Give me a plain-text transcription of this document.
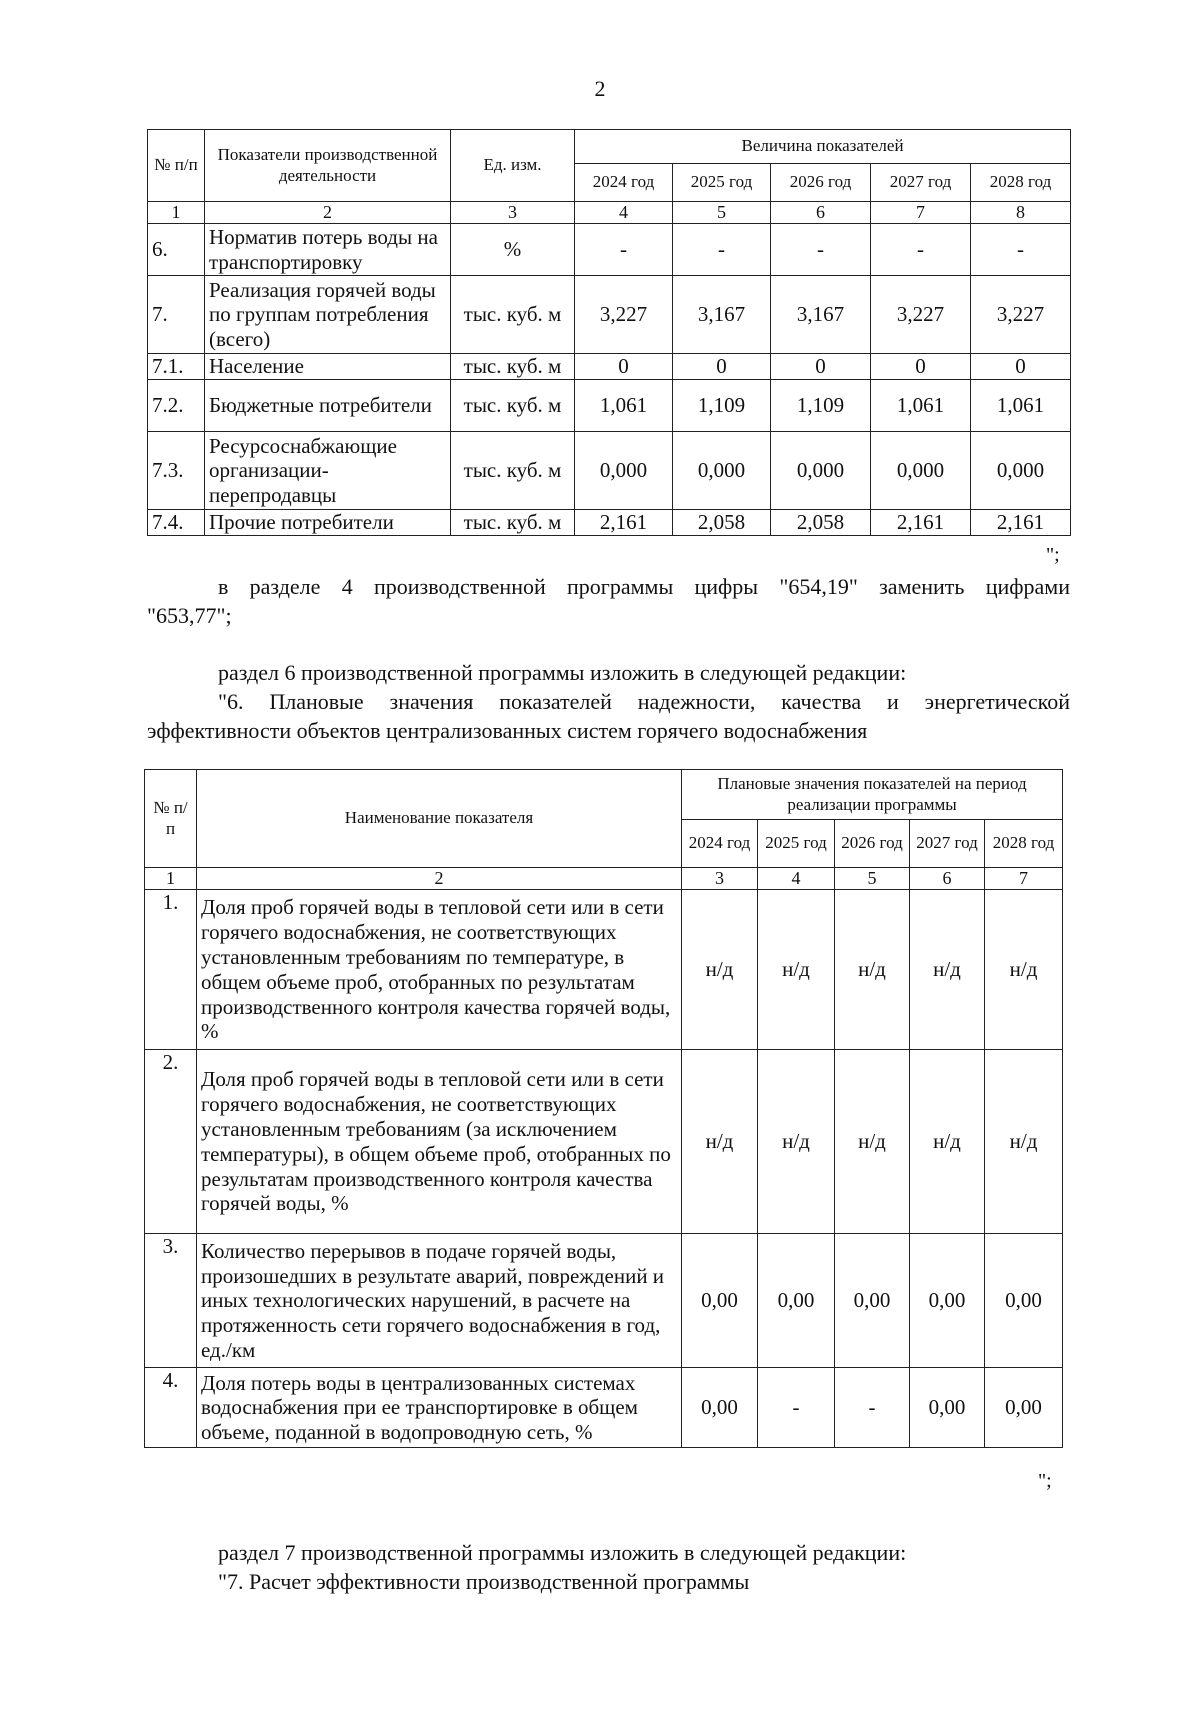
2
№ п/п	Показатели производственной деятельности	Ед. изм.	Величина показателей				
			2024 год	2025 год	2026 год	2027 год	2028 год
1	2	3	4	5	6	7	8
6.	Норматив потерь воды на транспортировку	%	-	-	-	-	-
7.	Реализация горячей воды по группам потребления (всего)	тыс. куб. м	3,227	3,167	3,167	3,227	3,227
7.1.	Население	тыс. куб. м	0	0	0	0	0
7.2.	Бюджетные потребители	тыс. куб. м	1,061	1,109	1,109	1,061	1,061
7.3.	Ресурсоснабжающие организации-перепродавцы	тыс. куб. м	0,000	0,000	0,000	0,000	0,000
7.4.	Прочие потребители	тыс. куб. м	2,161	2,058	2,058	2,161	2,161
";
в разделе 4 производственной программы цифры "654,19" заменить цифрами
"653,77";
раздел 6 производственной программы изложить в следующей редакции:
"6. Плановые значения показателей надежности, качества и энергетической
эффективности объектов централизованных систем горячего водоснабжения
№ п/п	Наименование показателя	Плановые значения показателей на период реализации программы				
		2024 год	2025 год	2026 год	2027 год	2028 год
1	2	3	4	5	6	7
1.	Доля проб горячей воды в тепловой сети или в сети горячего водоснабжения, не соответствующих установленным требованиям по температуре, в общем объеме проб, отобранных по результатам производственного контроля качества горячей воды, %	н/д	н/д	н/д	н/д	н/д
2.	Доля проб горячей воды в тепловой сети или в сети горячего водоснабжения, не соответствующих установленным требованиям (за исключением температуры), в общем объеме проб, отобранных по результатам производственного контроля качества горячей воды, %	н/д	н/д	н/д	н/д	н/д
3.	Количество перерывов в подаче горячей воды, произошедших в результате аварий, повреждений и иных технологических нарушений, в расчете на протяженность сети горячего водоснабжения в год, ед./км	0,00	0,00	0,00	0,00	0,00
4.	Доля потерь воды в централизованных системах водоснабжения при ее транспортировке в общем объеме, поданной в водопроводную сеть, %	0,00	-	-	0,00	0,00
";
раздел 7 производственной программы изложить в следующей редакции:
"7. Расчет эффективности производственной программы
